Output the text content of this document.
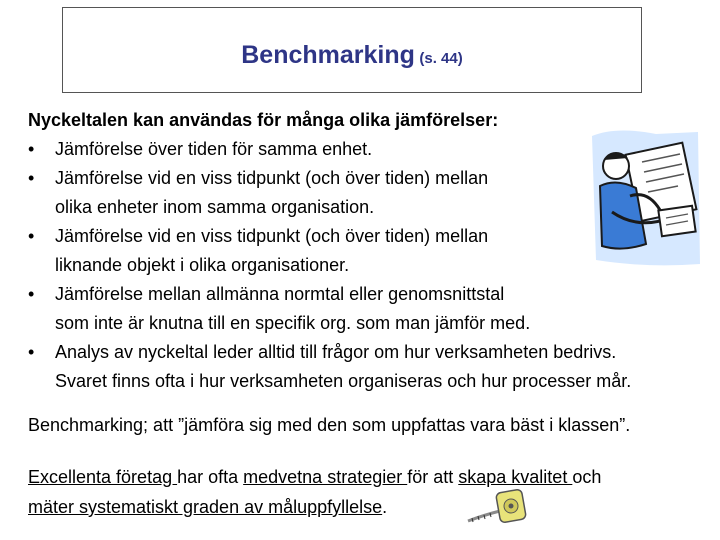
Benchmarking (s. 44)

Nyckeltalen kan användas för många olika jämförelser:

•	Jämförelse över tiden för samma enhet.
•	Jämförelse vid en viss tidpunkt (och över tiden) mellan
olika enheter inom samma organisation.
•	Jämförelse vid en viss tidpunkt (och över tiden) mellan
liknande objekt i olika organisationer.
•	Jämförelse mellan allmänna normtal eller genomsnittstal
som inte är knutna till en specifik org. som man jämför med.
•	Analys av nyckeltal leder alltid till frågor om hur verksamheten bedrivs.
Svaret finns ofta i hur verksamheten organiseras och hur processer mår.
Benchmarking; att ”jämföra sig med den som uppfattas vara bäst i klassen”.
Excellenta företag har ofta medvetna strategier för att skapa kvalitet och
mäter systematiskt graden av måluppfyllelse.
